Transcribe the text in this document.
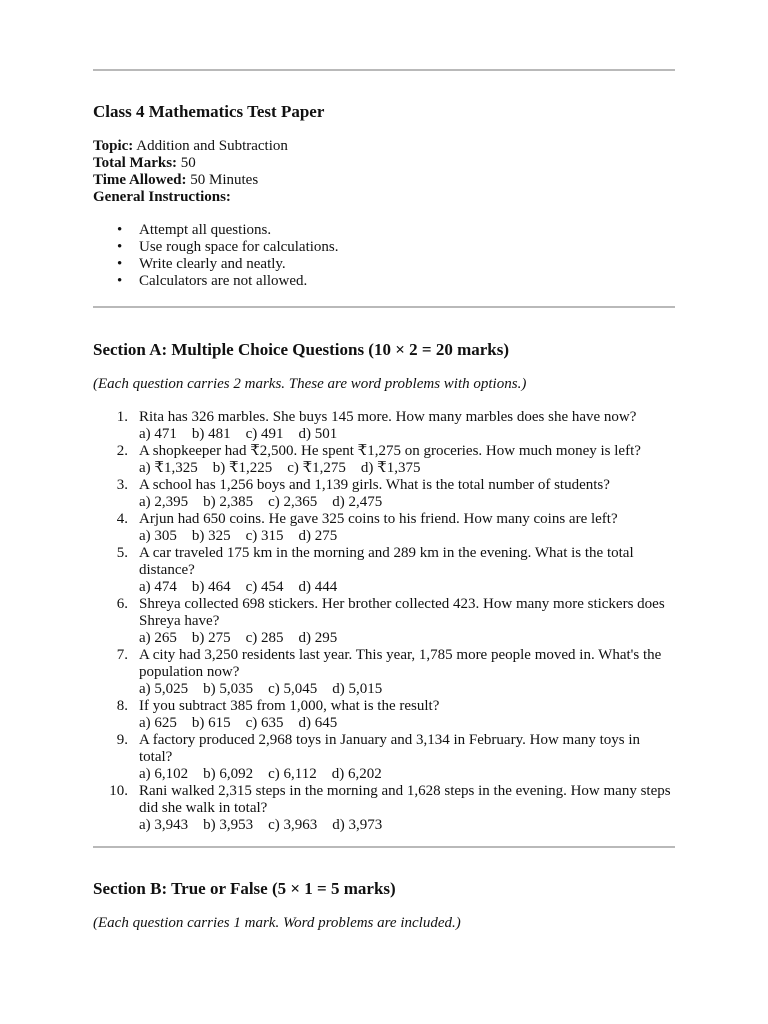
Class 4 Mathematics Test Paper
Topic: Addition and Subtraction
Total Marks: 50
Time Allowed: 50 Minutes
General Instructions:
• Attempt all questions.
• Use rough space for calculations.
• Write clearly and neatly.
• Calculators are not allowed.
Section A: Multiple Choice Questions (10 × 2 = 20 marks)
(Each question carries 2 marks. These are word problems with options.)
1. Rita has 326 marbles. She buys 145 more. How many marbles does she have now?
a) 471    b) 481    c) 491    d) 501
2. A shopkeeper had ₹2,500. He spent ₹1,275 on groceries. How much money is left?
a) ₹1,325    b) ₹1,225    c) ₹1,275    d) ₹1,375
3. A school has 1,256 boys and 1,139 girls. What is the total number of students?
a) 2,395    b) 2,385    c) 2,365    d) 2,475
4. Arjun had 650 coins. He gave 325 coins to his friend. How many coins are left?
a) 305    b) 325    c) 315    d) 275
5. A car traveled 175 km in the morning and 289 km in the evening. What is the total distance?
a) 474    b) 464    c) 454    d) 444
6. Shreya collected 698 stickers. Her brother collected 423. How many more stickers does Shreya have?
a) 265    b) 275    c) 285    d) 295
7. A city had 3,250 residents last year. This year, 1,785 more people moved in. What's the population now?
a) 5,025    b) 5,035    c) 5,045    d) 5,015
8. If you subtract 385 from 1,000, what is the result?
a) 625    b) 615    c) 635    d) 645
9. A factory produced 2,968 toys in January and 3,134 in February. How many toys in total?
a) 6,102    b) 6,092    c) 6,112    d) 6,202
10. Rani walked 2,315 steps in the morning and 1,628 steps in the evening. How many steps did she walk in total?
a) 3,943    b) 3,953    c) 3,963    d) 3,973
Section B: True or False (5 × 1 = 5 marks)
(Each question carries 1 mark. Word problems are included.)
